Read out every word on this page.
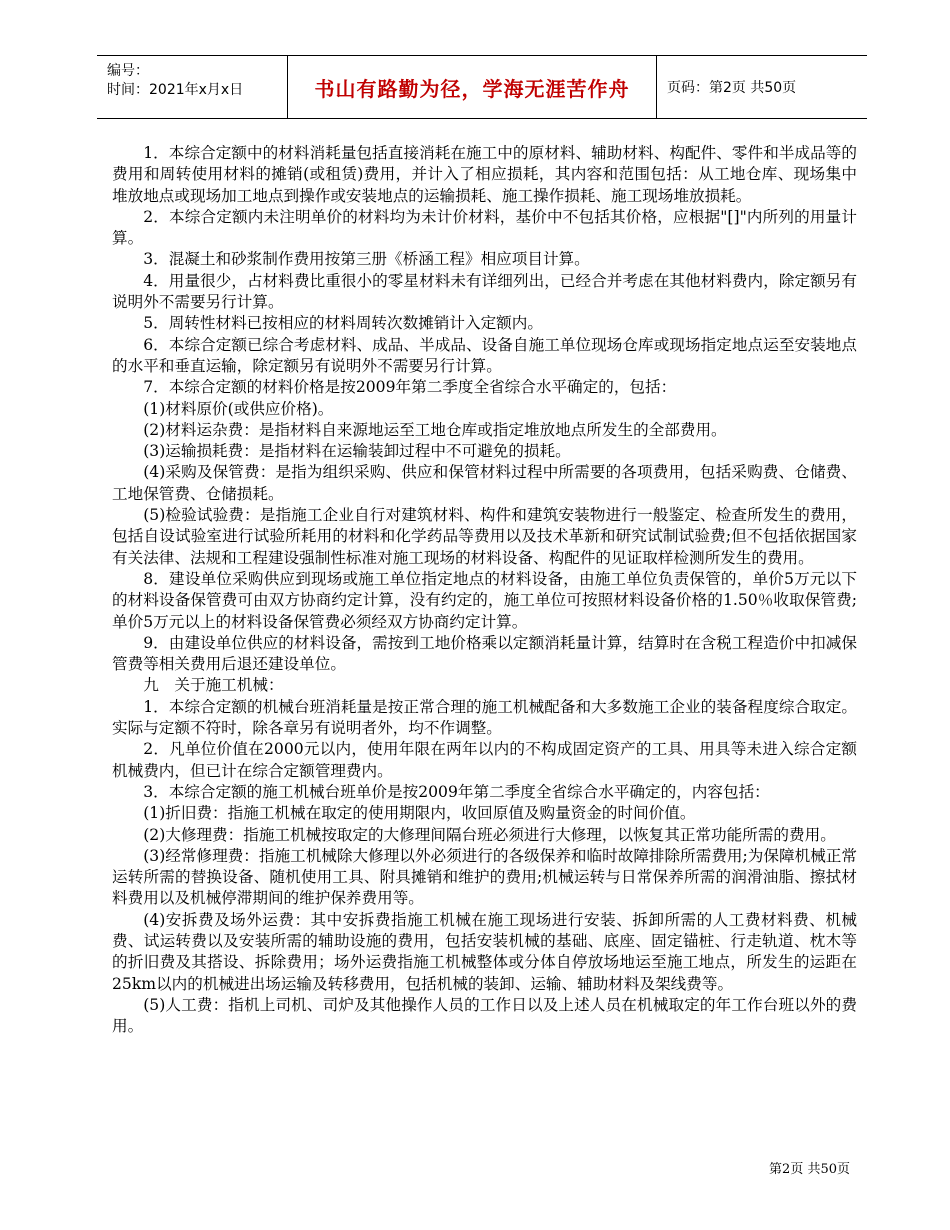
编号：
时间：2021年x月x日	书山有路勤为径，学海无涯苦作舟	页码：第2页 共50页

1．本综合定额中的材料消耗量包括直接消耗在施工中的原材料、辅助材料、构配件、零件和半成品等的费用和周转使用材料的摊销(或租赁)费用，并计入了相应损耗，其内容和范围包括：从工地仓库、现场集中堆放地点或现场加工地点到操作或安装地点的运输损耗、施工操作损耗、施工现场堆放损耗。

2．本综合定额内未注明单价的材料均为未计价材料，基价中不包括其价格，应根据"[]"内所列的用量计算。

3．混凝土和砂浆制作费用按第三册《桥涵工程》相应项目计算。

4．用量很少，占材料费比重很小的零星材料未有详细列出，已经合并考虑在其他材料费内，除定额另有说明外不需要另行计算。

5．周转性材料已按相应的材料周转次数摊销计入定额内。

6．本综合定额已综合考虑材料、成品、半成品、设备自施工单位现场仓库或现场指定地点运至安装地点的水平和垂直运输，除定额另有说明外不需要另行计算。

7．本综合定额的材料价格是按2009年第二季度全省综合水平确定的，包括：

(1)材料原价(或供应价格)。

(2)材料运杂费：是指材料自来源地运至工地仓库或指定堆放地点所发生的全部费用。

(3)运输损耗费：是指材料在运输装卸过程中不可避免的损耗。

(4)采购及保管费：是指为组织采购、供应和保管材料过程中所需要的各项费用，包括采购费、仓储费、工地保管费、仓储损耗。

(5)检验试验费：是指施工企业自行对建筑材料、构件和建筑安装物进行一般鉴定、检查所发生的费用，包括自设试验室进行试验所耗用的材料和化学药品等费用以及技术革新和研究试制试验费;但不包括依据国家有关法律、法规和工程建设强制性标准对施工现场的材料设备、构配件的见证取样检测所发生的费用。

8．建设单位采购供应到现场或施工单位指定地点的材料设备，由施工单位负责保管的，单价5万元以下的材料设备保管费可由双方协商约定计算，没有约定的，施工单位可按照材料设备价格的1.50％收取保管费;单价5万元以上的材料设备保管费必须经双方协商约定计算。

9．由建设单位供应的材料设备，需按到工地价格乘以定额消耗量计算，结算时在含税工程造价中扣减保管费等相关费用后退还建设单位。

九　关于施工机械：

1．本综合定额的机械台班消耗量是按正常合理的施工机械配备和大多数施工企业的装备程度综合取定。实际与定额不符时，除各章另有说明者外，均不作调整。

2．凡单位价值在2000元以内，使用年限在两年以内的不构成固定资产的工具、用具等未进入综合定额机械费内，但已计在综合定额管理费内。

3．本综合定额的施工机械台班单价是按2009年第二季度全省综合水平确定的，内容包括：

(1)折旧费：指施工机械在取定的使用期限内，收回原值及购量资金的时间价值。

(2)大修理费：指施工机械按取定的大修理间隔台班必须进行大修理，以恢复其正常功能所需的费用。

(3)经常修理费：指施工机械除大修理以外必须进行的各级保养和临时故障排除所需费用;为保障机械正常运转所需的替换设备、随机使用工具、附具摊销和维护的费用;机械运转与日常保养所需的润滑油脂、擦拭材料费用以及机械停滞期间的维护保养费用等。

(4)安拆费及场外运费：其中安拆费指施工机械在施工现场进行安装、拆卸所需的人工费材料费、机械费、试运转费以及安装所需的辅助设施的费用，包括安装机械的基础、底座、固定锚桩、行走轨道、枕木等的折旧费及其搭设、拆除费用；场外运费指施工机械整体或分体自停放场地运至施工地点，所发生的运距在25km以内的机械进出场运输及转移费用，包括机械的装卸、运输、辅助材料及架线费等。

(5)人工费：指机上司机、司炉及其他操作人员的工作日以及上述人员在机械取定的年工作台班以外的费用。

第2页 共50页
